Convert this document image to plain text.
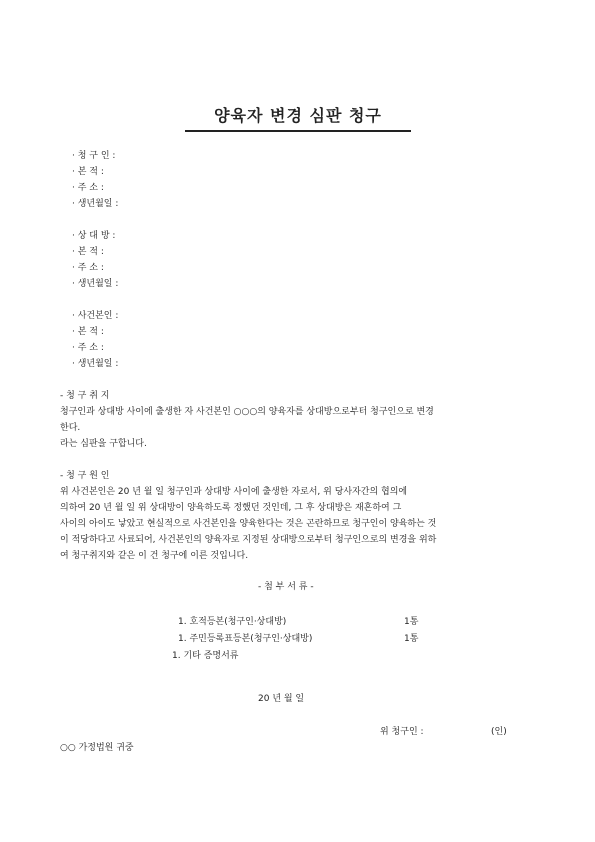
양육자 변경 심판 청구
· 청 구 인 :
· 본 적 :
· 주 소 :
· 생년월일 :
· 상 대 방 :
· 본 적 :
· 주 소 :
· 생년월일 :
· 사건본인 :
· 본 적 :
· 주 소 :
· 생년월일 :
- 청 구 취 지
청구인과 상대방 사이에 출생한 자 사건본인 ○○○의 양육자를 상대방으로부터 청구인으로 변경
한다.
라는 심판을 구합니다.
- 청 구 원 인
위 사건본인은 20 년 월 일 청구인과 상대방 사이에 출생한 자로서, 위 당사자간의 협의에
의하여 20 년 월 일 위 상대방이 양육하도록 정했던 것인데, 그 후 상대방은 재혼하여 그
사이의 아이도 낳았고 현실적으로 사건본인을 양육한다는 것은 곤란하므로 청구인이 양육하는 것
이 적당하다고 사료되어, 사건본인의 양육자로 지정된 상대방으로부터 청구인으로의 변경을 위하
여 청구취지와 같은 이 건 청구에 이른 것입니다.
- 첨 부 서 류 -
1. 호적등본(청구인·상대방)	1통
1. 주민등록표등본(청구인·상대방)	1통
1. 기타 증명서류
20 년 월 일
위 청구인 :	(인)
○○ 가정법원 귀중
